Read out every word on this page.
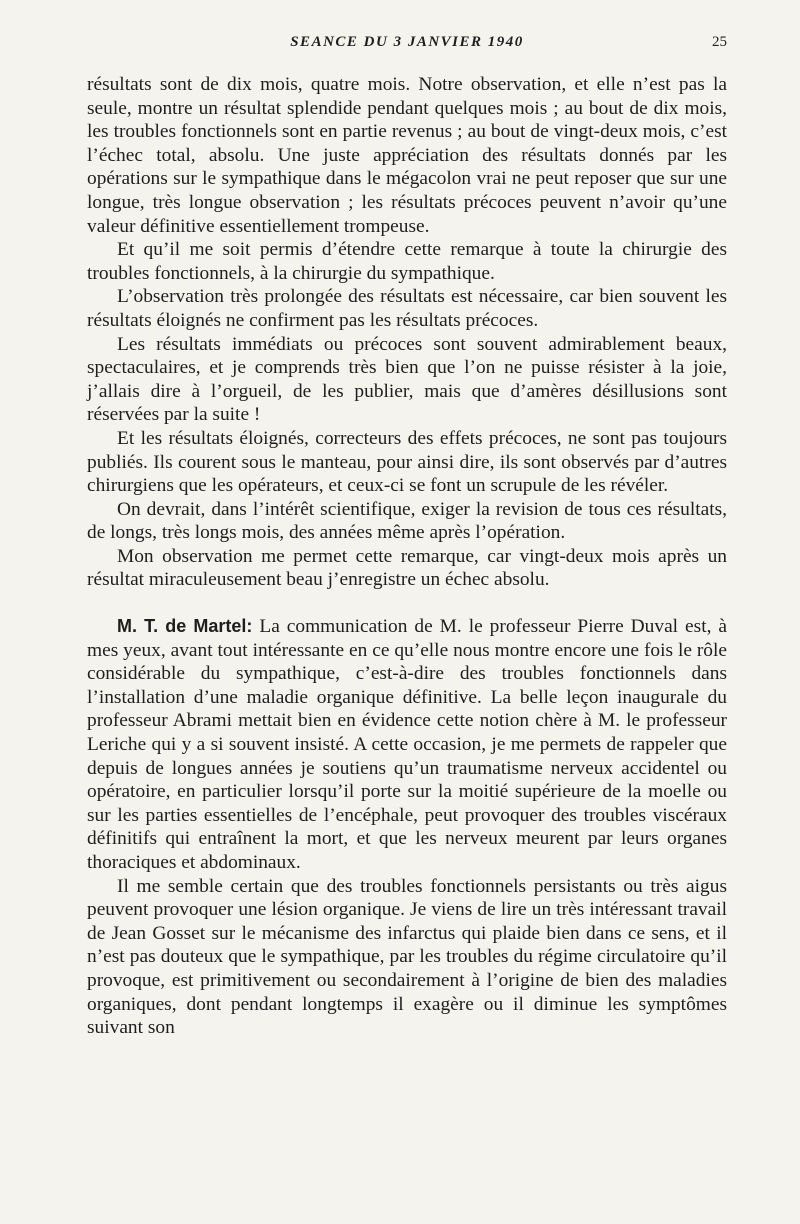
SEANCE DU 3 JANVIER 1940	25

résultats sont de dix mois, quatre mois. Notre observation, et elle n’est pas la seule, montre un résultat splendide pendant quelques mois ; au bout de dix mois, les troubles fonctionnels sont en partie revenus ; au bout de vingt-deux mois, c’est l’échec total, absolu. Une juste appréciation des résultats donnés par les opérations sur le sympathique dans le mégacolon vrai ne peut reposer que sur une longue, très longue observation ; les résultats précoces peuvent n’avoir qu’une valeur définitive essentiellement trompeuse.

Et qu’il me soit permis d’étendre cette remarque à toute la chirurgie des troubles fonctionnels, à la chirurgie du sympathique.

L’observation très prolongée des résultats est nécessaire, car bien souvent les résultats éloignés ne confirment pas les résultats précoces.

Les résultats immédiats ou précoces sont souvent admirablement beaux, spectaculaires, et je comprends très bien que l’on ne puisse résister à la joie, j’allais dire à l’orgueil, de les publier, mais que d’amères désillusions sont réservées par la suite !

Et les résultats éloignés, correcteurs des effets précoces, ne sont pas toujours publiés. Ils courent sous le manteau, pour ainsi dire, ils sont observés par d’autres chirurgiens que les opérateurs, et ceux-ci se font un scrupule de les révéler.

On devrait, dans l’intérêt scientifique, exiger la revision de tous ces résultats, de longs, très longs mois, des années même après l’opération.

Mon observation me permet cette remarque, car vingt-deux mois après un résultat miraculeusement beau j’enregistre un échec absolu.

M. T. de Martel: La communication de M. le professeur Pierre Duval est, à mes yeux, avant tout intéressante en ce qu’elle nous montre encore une fois le rôle considérable du sympathique, c’est-à-dire des troubles fonctionnels dans l’installation d’une maladie organique définitive. La belle leçon inaugurale du professeur Abrami mettait bien en évidence cette notion chère à M. le professeur Leriche qui y a si souvent insisté. A cette occasion, je me permets de rappeler que depuis de longues années je soutiens qu’un traumatisme nerveux accidentel ou opératoire, en particulier lorsqu’il porte sur la moitié supérieure de la moelle ou sur les parties essentielles de l’encéphale, peut provoquer des troubles viscéraux définitifs qui entraînent la mort, et que les nerveux meurent par leurs organes thoraciques et abdominaux.

Il me semble certain que des troubles fonctionnels persistants ou très aigus peuvent provoquer une lésion organique. Je viens de lire un très intéressant travail de Jean Gosset sur le mécanisme des infarctus qui plaide bien dans ce sens, et il n’est pas douteux que le sympathique, par les troubles du régime circulatoire qu’il provoque, est primitivement ou secondairement à l’origine de bien des maladies organiques, dont pendant longtemps il exagère ou il diminue les symptômes suivant son
